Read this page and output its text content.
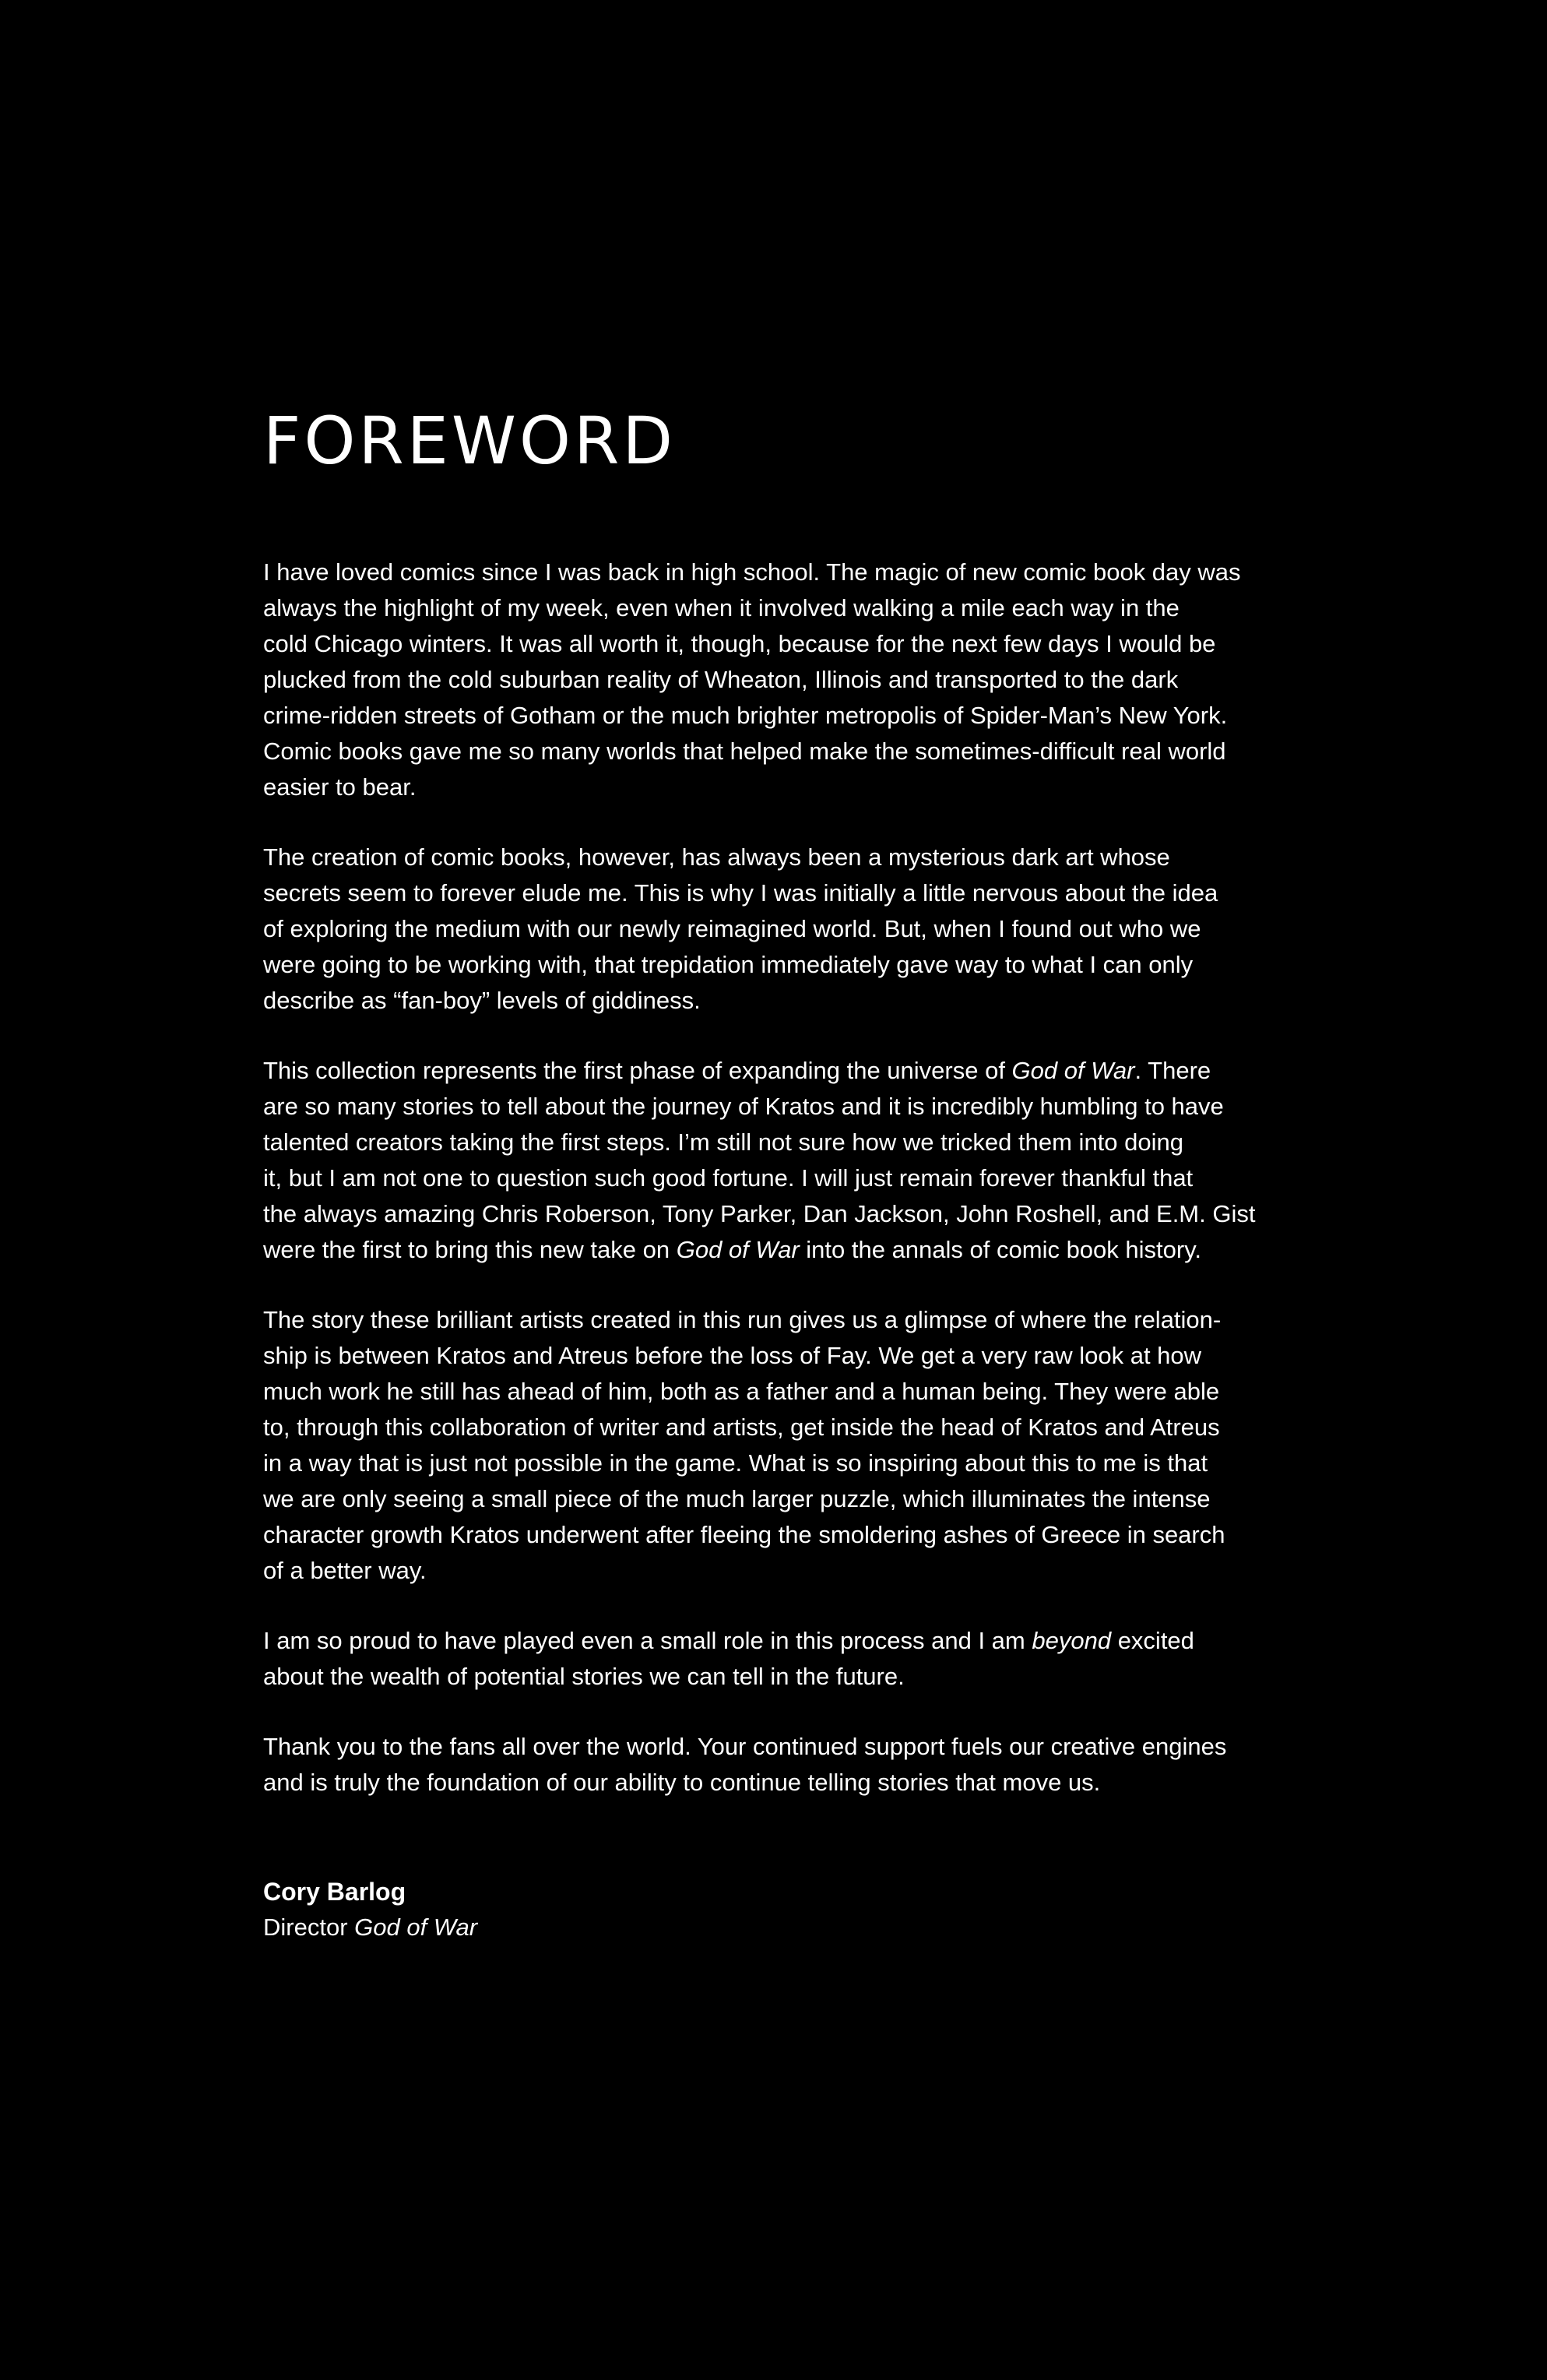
FOREWORD

I have loved comics since I was back in high school. The magic of new comic book day was
always the highlight of my week, even when it involved walking a mile each way in the
cold Chicago winters. It was all worth it, though, because for the next few days I would be
plucked from the cold suburban reality of Wheaton, Illinois and transported to the dark
crime-ridden streets of Gotham or the much brighter metropolis of Spider-Man’s New York.
Comic books gave me so many worlds that helped make the sometimes-difficult real world
easier to bear.

The creation of comic books, however, has always been a mysterious dark art whose
secrets seem to forever elude me. This is why I was initially a little nervous about the idea
of exploring the medium with our newly reimagined world. But, when I found out who we
were going to be working with, that trepidation immediately gave way to what I can only
describe as “fan-boy” levels of giddiness.

This collection represents the first phase of expanding the universe of God of War. There
are so many stories to tell about the journey of Kratos and it is incredibly humbling to have
talented creators taking the first steps. I’m still not sure how we tricked them into doing
it, but I am not one to question such good fortune. I will just remain forever thankful that
the always amazing Chris Roberson, Tony Parker, Dan Jackson, John Roshell, and E.M. Gist
were the first to bring this new take on God of War into the annals of comic book history.

The story these brilliant artists created in this run gives us a glimpse of where the relation-
ship is between Kratos and Atreus before the loss of Fay. We get a very raw look at how
much work he still has ahead of him, both as a father and a human being. They were able
to, through this collaboration of writer and artists, get inside the head of Kratos and Atreus
in a way that is just not possible in the game. What is so inspiring about this to me is that
we are only seeing a small piece of the much larger puzzle, which illuminates the intense
character growth Kratos underwent after fleeing the smoldering ashes of Greece in search
of a better way.

I am so proud to have played even a small role in this process and I am beyond excited
about the wealth of potential stories we can tell in the future.

Thank you to the fans all over the world. Your continued support fuels our creative engines
and is truly the foundation of our ability to continue telling stories that move us.

Cory Barlog
Director God of War
